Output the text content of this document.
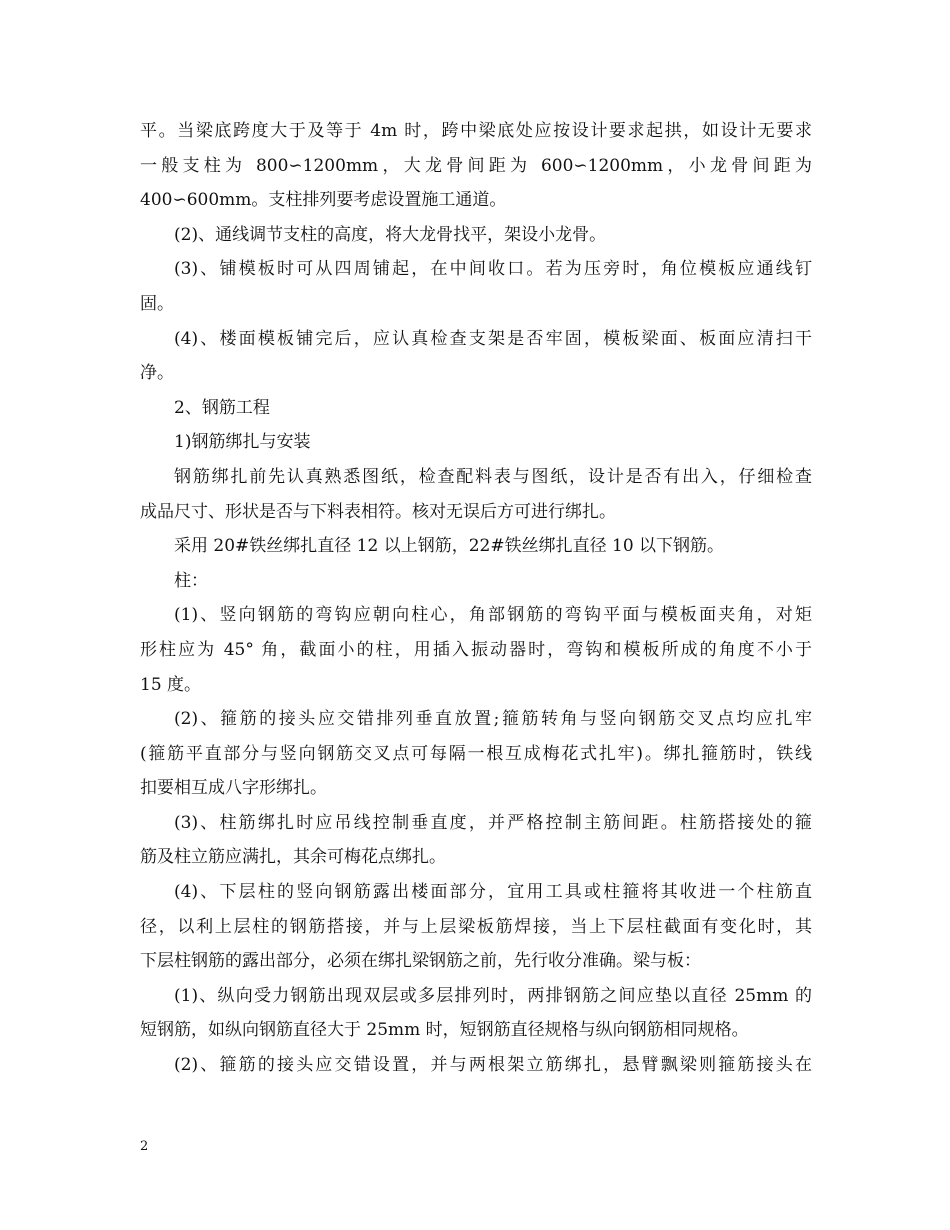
平。当梁底跨度大于及等于 4m 时，跨中梁底处应按设计要求起拱，如设计无要求
一般支柱为 800∽1200mm，大龙骨间距为 600∽1200mm，小龙骨间距为
400∽600mm。支柱排列要考虑设置施工通道。
(2)、通线调节支柱的高度，将大龙骨找平，架设小龙骨。
(3)、铺模板时可从四周铺起，在中间收口。若为压旁时，角位模板应通线钉
固。
(4)、楼面模板铺完后，应认真检查支架是否牢固，模板梁面、板面应清扫干
净。
2、钢筋工程
1)钢筋绑扎与安装
钢筋绑扎前先认真熟悉图纸，检查配料表与图纸，设计是否有出入，仔细检查
成品尺寸、形状是否与下料表相符。核对无误后方可进行绑扎。
采用 20#铁丝绑扎直径 12 以上钢筋，22#铁丝绑扎直径 10 以下钢筋。
柱：
(1)、竖向钢筋的弯钩应朝向柱心，角部钢筋的弯钩平面与模板面夹角，对矩
形柱应为 45° 角，截面小的柱，用插入振动器时，弯钩和模板所成的角度不小于
15 度。
(2)、箍筋的接头应交错排列垂直放置;箍筋转角与竖向钢筋交叉点均应扎牢
(箍筋平直部分与竖向钢筋交叉点可每隔一根互成梅花式扎牢)。绑扎箍筋时，铁线
扣要相互成八字形绑扎。
(3)、柱筋绑扎时应吊线控制垂直度，并严格控制主筋间距。柱筋搭接处的箍
筋及柱立筋应满扎，其余可梅花点绑扎。
(4)、下层柱的竖向钢筋露出楼面部分，宜用工具或柱箍将其收进一个柱筋直
径，以利上层柱的钢筋搭接，并与上层梁板筋焊接，当上下层柱截面有变化时，其
下层柱钢筋的露出部分，必须在绑扎梁钢筋之前，先行收分准确。梁与板：
(1)、纵向受力钢筋出现双层或多层排列时，两排钢筋之间应垫以直径 25mm 的
短钢筋，如纵向钢筋直径大于 25mm 时，短钢筋直径规格与纵向钢筋相同规格。
(2)、箍筋的接头应交错设置，并与两根架立筋绑扎，悬臂飘梁则箍筋接头在
2
